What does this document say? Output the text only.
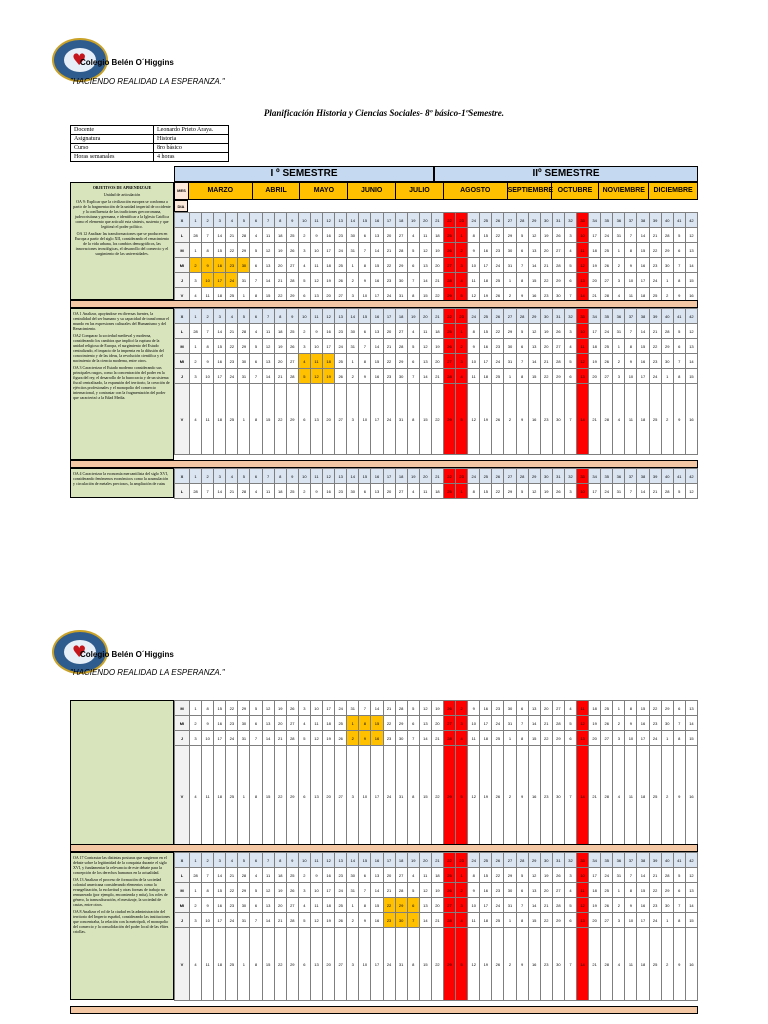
♥
Colegio Belén O´Higgins
"HACIENDO REALIDAD LA ESPERANZA."
Planificación Historia y Ciencias Sociales- 8º básico-1ºSemestre.
Docente	Leonardo Prieto Araya.
Asignatura	Historia
Curso	8ro básico
Horas semanales	4 horas
I º SEMESTRE	IIº SEMESTRE
MES	MARZO	ABRIL	MAYO	JUNIO	JULIO	AGOSTO	SEPTIEMBRE OCTUBRE	NOVIEMBRE	DICIEMBRE
DIA
OBJETIVOS DE APRENDIZAJE

Unidad de articulación

OA 9: Explicar que la civilización europea se conforma a partir de la fragmentación de la unidad imperial de occidente y la confluencia de las tradiciones grecorromana, judeocristiana y germana, e identificar a la Iglesia Católica como el elemento que articuló esta síntesis, sustenta y que legitimó el poder político.

OA 12 Analizar las transformaciones que se producen en Europa a partir del siglo XII, considerando el renacimiento de la vida urbana, los cambios demográficos, las innovaciones tecnológicas, el desarrollo del comercio y el surgimiento de las universidades.

X	1	2	3	4	5	6	7	8	9	10	11	12	13	14	15	16	17	18	19	20	21	22	23	24	25	26	27	28	29	30	31	32	33	34	35	36	37	38	39	40	41	42
L	28	7	14	21	28	4	11	18	25	2	9	16	23	30	6	13	20	27	4	11	18	25	1	8	15	22	29	5	12	19	26	3	10	17	24	31	7	14	21	28	5	12
M	1	8	15	22	29	5	12	19	26	3	10	17	24	31	7	14	21	28	5	12	19	26	2	9	16	23	30	6	13	20	27	4	11	18	25	1	8	15	22	29	6	13
MI	2	9	16	23	30	6	13	20	27	4	11	18	25	1	8	15	22	29	6	13	20	27	3	10	17	24	31	7	14	21	28	5	12	19	26	2	9	16	23	30	7	14
J	3	10	17	24	31	7	14	21	28	5	12	19	26	2	9	16	23	30	7	14	21	28	4	11	18	25	1	8	15	22	29	6	13	20	27	3	10	17	24	1	8	15
V	4	11	18	25	1	8	15	22	29	6	13	20	27	3	10	17	24	31	8	15	22	29	5	12	19	26	2	9	16	23	30	7	14	21	28	4	11	18	25	2	9	16

OA 1 Analizar, apoyándose en diversas fuentes, la centralidad del ser humano y su capacidad de transformar el mundo en las expresiones culturales del Humanismo y del Renacimiento.

OA2 Comparar la sociedad medieval y moderna, considerando los cambios que implicó la ruptura de la unidad religiosa de Europa, el surgimiento del Estado centralizado, el impacto de la imprenta en la difusión del conocimiento y de las ideas, la revolución científica y el nacimiento de la ciencia moderna, entre otros.

OA 3 Caracterizar el Estado moderno considerando sus principales rasgos, como la concentración del poder en la figura del rey, el desarrollo de la burocracia y de un sistema fiscal centralizado, la expansión del territorio, la creación de ejércitos profesionales y el monopolio del comercio internacional, y contrastar con la fragmentación del poder que caracterizó a la Edad Media.

X	1	2	3	4	5	6	7	8	9	10	11	12	13	14	15	16	17	18	19	20	21	22	23	24	25	26	27	28	29	30	31	32	33	34	35	36	37	38	39	40	41	42
L	28	7	14	21	28	4	11	18	25	2	9	16	23	30	6	13	20	27	4	11	18	25	1	8	15	22	29	5	12	19	26	3	10	17	24	31	7	14	21	28	5	12
M	1	8	15	22	29	5	12	19	26	3	10	17	24	31	7	14	21	28	5	12	19	26	2	9	16	23	30	6	13	20	27	4	11	18	25	1	8	15	22	29	6	13
MI	2	9	16	23	30	6	13	20	27	4	11	18	25	1	8	15	22	29	6	13	20	27	3	10	17	24	31	7	14	21	28	5	12	19	26	2	9	16	23	30	7	14
J	3	10	17	24	31	7	14	21	28	5	12	19	26	2	9	16	23	30	7	14	21	28	4	11	18	25	1	8	15	22	29	6	13	20	27	3	10	17	24	1	8	15
V	4	11	18	25	1	8	15	22	29	6	13	20	27	3	10	17	24	31	8	15	22	29	5	12	19	26	2	9	16	23	30	7	14	21	28	4	11	18	25	2	9	16

OA 4 Caracterizar la economía mercantilista del siglo XVI, considerando fenómenos económicos como la acumulación y circulación de metales preciosos, la ampliación de rutas

X	1	2	3	4	5	6	7	8	9	10	11	12	13	14	15	16	17	18	19	20	21	22	23	24	25	26	27	28	29	30	31	32	33	34	35	36	37	38	39	40	41	42
L	28	7	14	21	28	4	11	18	25	2	9	16	23	30	6	13	20	27	4	11	18	25	1	8	15	22	29	5	12	19	26	3	10	17	24	31	7	14	21	28	5	12
♥
Colegio Belén O´Higgins
"HACIENDO REALIDAD LA ESPERANZA."
M	1	8	15	22	29	5	12	19	26	3	10	17	24	31	7	14	21	28	5	12	19	26	2	9	16	23	30	6	13	20	27	4	11	18	25	1	8	15	22	29	6	13
MI	2	9	16	23	30	6	13	20	27	4	11	18	25	1	8	15	22	29	6	13	20	27	3	10	17	24	31	7	14	21	28	5	12	19	26	2	9	16	23	30	7	14
J	3	10	17	24	31	7	14	21	28	5	12	19	26	2	9	16	23	30	7	14	21	28	4	11	18	25	1	8	15	22	29	6	13	20	27	3	10	17	24	1	8	15
V	4	11	18	25	1	8	15	22	29	6	13	20	27	3	10	17	24	31	8	15	22	29	5	12	19	26	2	9	16	23	30	7	14	21	28	4	11	18	25	2	9	16

OA 17 Contrastar las distintas posturas que surgieron en el debate sobre la legitimidad de la conquista durante el siglo XVI, y fundamentar la relevancia de este debate para la concepción de los derechos humanos en la actualidad.

OA 13 Analizar el proceso de formación de la sociedad colonial americana considerando elementos como la evangelización, la esclavitud y otras formas de trabajo no remunerado (por ejemplo, encomienda y mita), los roles de género, la transculturación, el mestizaje, la sociedad de castas, entre otros.

OA 8 Analizar el rol de la ciudad en la administración del territorio del Imperio español, considerando las instituciones que concentraba, la relación con la metrópoli, el monopolio del comercio y la consolidación del poder local de las élites criollas.

X	1	2	3	4	5	6	7	8	9	10	11	12	13	14	15	16	17	18	19	20	21	22	23	24	25	26	27	28	29	30	31	32	33	34	35	36	37	38	39	40	41	42
L	28	7	14	21	28	4	11	18	25	2	9	16	23	30	6	13	20	27	4	11	18	25	1	8	15	22	29	5	12	19	26	3	10	17	24	31	7	14	21	28	5	12
M	1	8	15	22	29	5	12	19	26	3	10	17	24	31	7	14	21	28	5	12	19	26	2	9	16	23	30	6	13	20	27	4	11	18	25	1	8	15	22	29	6	13
MI	2	9	16	23	30	6	13	20	27	4	11	18	25	1	8	15	22	29	6	13	20	27	3	10	17	24	31	7	14	21	28	5	12	19	26	2	9	16	23	30	7	14
J	3	10	17	24	31	7	14	21	28	5	12	19	26	2	9	16	23	30	7	14	21	28	4	11	18	25	1	8	15	22	29	6	13	20	27	3	10	17	24	1	8	15
V	4	11	18	25	1	8	15	22	29	6	13	20	27	3	10	17	24	31	8	15	22	29	5	12	19	26	2	9	16	23	30	7	14	21	28	4	11	18	25	2	9	16
